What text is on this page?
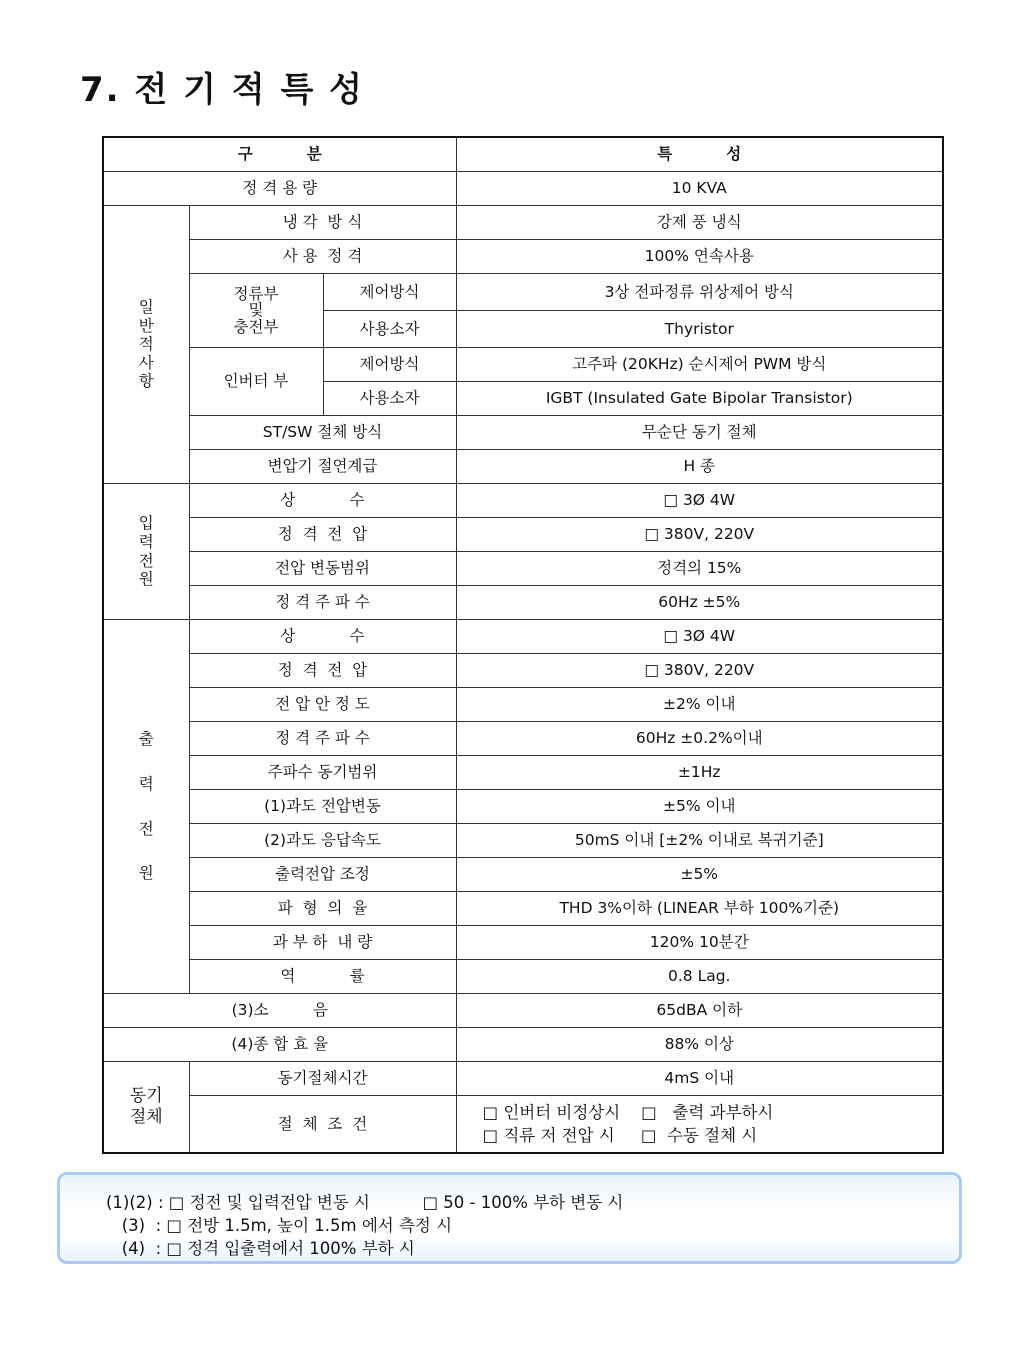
7. 전 기 적 특 성
구          분			특          성
정 격 용 량			10 KVA

일
반
적
사
항	냉 각  방 식		강제 풍 냉식
	사 용  정 격		100% 연속사용

	정류부
및
충전부	제어방식	3상 전파정류 위상제어 방식
		사용소자	Thyristor
	인버터 부	제어방식	고주파 (20KHz) 순시제어 PWM 방식
		사용소자	IGBT (Insulated Gate Bipolar Transistor)
	ST/SW 절체 방식		무순단 동기 절체
	변압기 절연계급		H 종

입
력
전
원	상           수		□ 3Ø 4W
	정  격  전  압		□ 380V, 220V
	전압 변동범위		정격의 15%
	정 격 주 파 수		60Hz ±5%

출
력
전
원	상           수		□ 3Ø 4W
	정  격  전  압		□ 380V, 220V
	전 압 안 정 도		±2% 이내
	정 격 주 파 수		60Hz ±0.2%이내
	주파수 동기범위		±1Hz
	(1)과도 전압변동		±5% 이내
	(2)과도 응답속도		50mS 이내 [±2% 이내로 복귀기준]
	출력전압 조정		±5%
	파  형  의  율		THD 3%이하 (LINEAR 부하 100%기준)
	과 부 하  내 량		120% 10분간
	역           률		0.8 Lag.
(3)소         음			65dBA 이하
(4)종 합 효 율			88% 이상

동기
절체	동기절체시간		4mS 이내
	절  체  조  건		□ 인버터 비정상시    □   출력 과부하시
□ 직류 저 전압 시     □  수동 절체 시
(1)(2) : □ 정전 및 입력전압 변동 시          □ 50 - 100% 부하 변동 시
(3)  : □ 전방 1.5m, 높이 1.5m 에서 측정 시
(4)  : □ 정격 입출력에서 100% 부하 시
